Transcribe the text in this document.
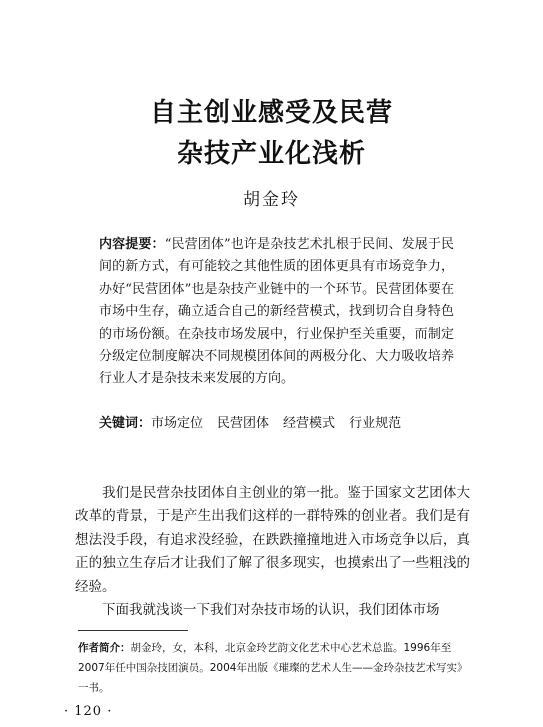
自主创业感受及民营
杂技产业化浅析
胡金玲
内容提要：“民营团体”也许是杂技艺术扎根于民间、发展于民间的新方式，有可能较之其他性质的团体更具有市场竞争力，办好“民营团体”也是杂技产业链中的一个环节。民营团体要在市场中生存，确立适合自己的新经营模式，找到切合自身特色的市场份额。在杂技市场发展中，行业保护至关重要，而制定分级定位制度解决不同规模团体间的两极分化、大力吸收培养行业人才是杂技未来发展的方向。
关键词：市场定位 民营团体 经营模式 行业规范

我们是民营杂技团体自主创业的第一批。鉴于国家文艺团体大改革的背景，于是产生出我们这样的一群特殊的创业者。我们是有想法没手段，有追求没经验，在跌跌撞撞地进入市场竞争以后，真正的独立生存后才让我们了解了很多现实，也摸索出了一些粗浅的经验。

下面我就浅谈一下我们对杂技市场的认识，我们团体市场

作者简介：胡金玲，女，本科，北京金玲艺韵文化艺术中心艺术总监。1996年至2007年任中国杂技团演员。2004年出版《璀璨的艺术人生——金玲杂技艺术写实》一书。
· 120 ·
